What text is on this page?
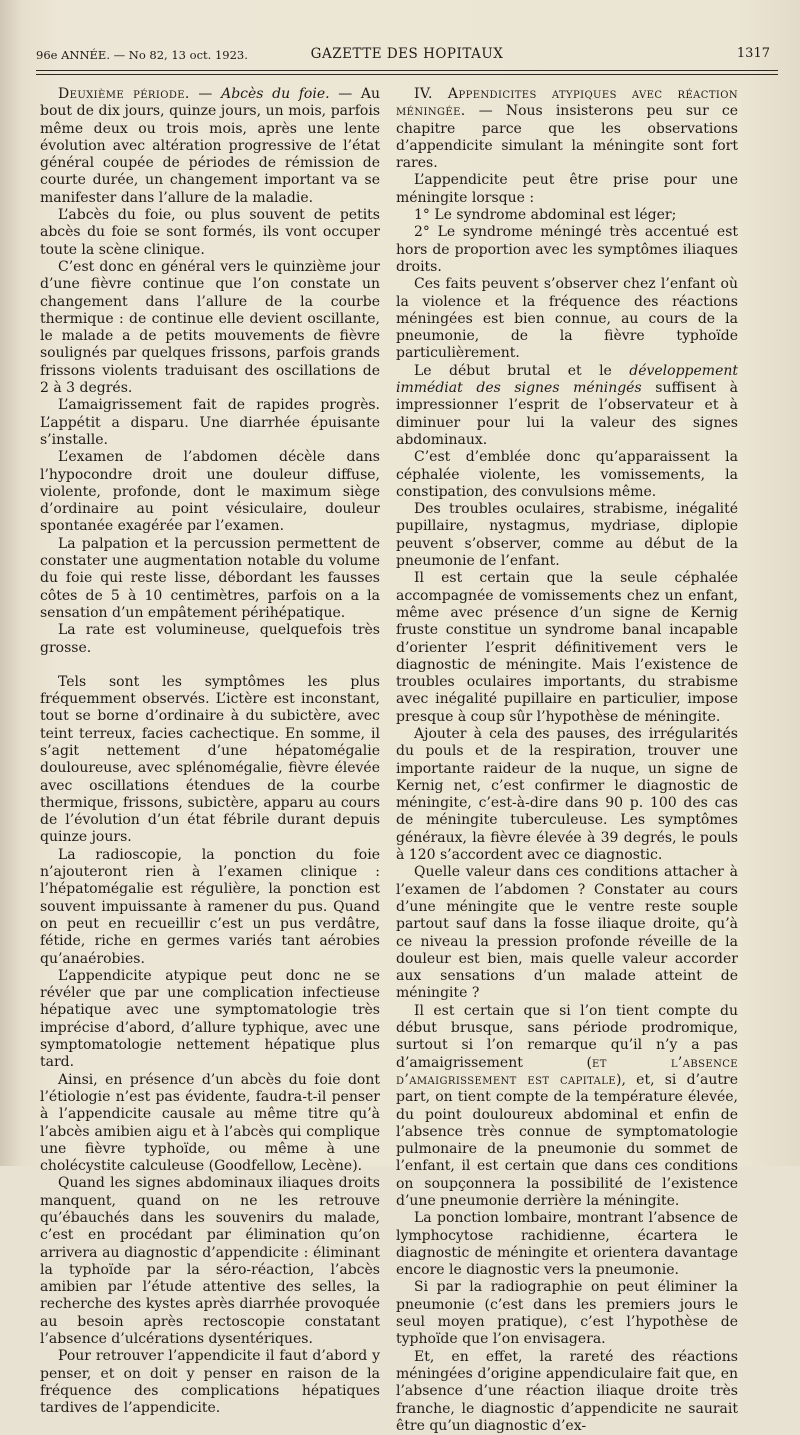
96e ANNÉE. — No 82, 13 oct. 1923.	GAZETTE DES HOPITAUX	1317

Deuxième période. — Abcès du foie. — Au bout de dix jours, quinze jours, un mois, parfois même deux ou trois mois, après une lente évolution avec altération progressive de l’état général coupée de périodes de rémission de courte durée, un changement important va se manifester dans l’allure de la maladie.

L’abcès du foie, ou plus souvent de petits abcès du foie se sont formés, ils vont occuper toute la scène clinique.

C’est donc en général vers le quinzième jour d’une fièvre continue que l’on constate un changement dans l’allure de la courbe thermique : de continue elle devient oscillante, le malade a de petits mouvements de fièvre soulignés par quelques frissons, parfois grands frissons violents traduisant des oscillations de 2 à 3 degrés.

L’amaigrissement fait de rapides progrès. L’appétit a disparu. Une diarrhée épuisante s’installe.

L’examen de l’abdomen décèle dans l’hypocondre droit une douleur diffuse, violente, profonde, dont le maximum siège d’ordinaire au point vésiculaire, douleur spontanée exagérée par l’examen.

La palpation et la percussion permettent de constater une augmentation notable du volume du foie qui reste lisse, débordant les fausses côtes de 5 à 10 centimètres, parfois on a la sensation d’un empâtement périhépatique.

La rate est volumineuse, quelquefois très grosse.

Tels sont les symptômes les plus fréquemment observés. L’ictère est inconstant, tout se borne d’ordinaire à du subictère, avec teint terreux, facies cachectique. En somme, il s’agit nettement d’une hépatomégalie douloureuse, avec splénomégalie, fièvre élevée avec oscillations étendues de la courbe thermique, frissons, subictère, apparu au cours de l’évolution d’un état fébrile durant depuis quinze jours.

La radioscopie, la ponction du foie n’ajouteront rien à l’examen clinique : l’hépatomégalie est régulière, la ponction est souvent impuissante à ramener du pus. Quand on peut en recueillir c’est un pus verdâtre, fétide, riche en germes variés tant aérobies qu’anaérobies.

L’appendicite atypique peut donc ne se révéler que par une complication infectieuse hépatique avec une symptomatologie très imprécise d’abord, d’allure typhique, avec une symptomatologie nettement hépatique plus tard.

Ainsi, en présence d’un abcès du foie dont l’étiologie n’est pas évidente, faudra-t-il penser à l’appendicite causale au même titre qu’à l’abcès amibien aigu et à l’abcès qui complique une fièvre typhoïde, ou même à une cholécystite calculeuse (Goodfellow, Lecène).

Quand les signes abdominaux iliaques droits manquent, quand on ne les retrouve qu’ébauchés dans les souvenirs du malade, c’est en procédant par élimination qu’on arrivera au diagnostic d’appendicite : éliminant la typhoïde par la séro-réaction, l’abcès amibien par l’étude attentive des selles, la recherche des kystes après diarrhée provoquée au besoin après rectoscopie constatant l’absence d’ulcérations dysentériques.

Pour retrouver l’appendicite il faut d’abord y penser, et on doit y penser en raison de la fréquence des complications hépatiques tardives de l’appendicite.

IV. Appendicites atypiques avec réaction méningée. — Nous insisterons peu sur ce chapitre parce que les observations d’appendicite simulant la méningite sont fort rares.

L’appendicite peut être prise pour une méningite lorsque :

1° Le syndrome abdominal est léger;

2° Le syndrome méningé très accentué est hors de proportion avec les symptômes iliaques droits.

Ces faits peuvent s’observer chez l’enfant où la violence et la fréquence des réactions méningées est bien connue, au cours de la pneumonie, de la fièvre typhoïde particulièrement.

Le début brutal et le développement immédiat des signes méningés suffisent à impressionner l’esprit de l’observateur et à diminuer pour lui la valeur des signes abdominaux.

C’est d’emblée donc qu’apparaissent la céphalée violente, les vomissements, la constipation, des convulsions même.

Des troubles oculaires, strabisme, inégalité pupillaire, nystagmus, mydriase, diplopie peuvent s’observer, comme au début de la pneumonie de l’enfant.

Il est certain que la seule céphalée accompagnée de vomissements chez un enfant, même avec présence d’un signe de Kernig fruste constitue un syndrome banal incapable d’orienter l’esprit définitivement vers le diagnostic de méningite. Mais l’existence de troubles oculaires importants, du strabisme avec inégalité pupillaire en particulier, impose presque à coup sûr l’hypothèse de méningite.

Ajouter à cela des pauses, des irrégularités du pouls et de la respiration, trouver une importante raideur de la nuque, un signe de Kernig net, c’est confirmer le diagnostic de méningite, c’est-à-dire dans 90 p. 100 des cas de méningite tuberculeuse. Les symptômes généraux, la fièvre élevée à 39 degrés, le pouls à 120 s’accordent avec ce diagnostic.

Quelle valeur dans ces conditions attacher à l’examen de l’abdomen ? Constater au cours d’une méningite que le ventre reste souple partout sauf dans la fosse iliaque droite, qu’à ce niveau la pression profonde réveille de la douleur est bien, mais quelle valeur accorder aux sensations d’un malade atteint de méningite ?

Il est certain que si l’on tient compte du début brusque, sans période prodromique, surtout si l’on remarque qu’il n’y a pas d’amaigrissement (et l’absence d’amaigrissement est capitale), et, si d’autre part, on tient compte de la température élevée, du point douloureux abdominal et enfin de l’absence très connue de symptomatologie pulmonaire de la pneumonie du sommet de l’enfant, il est certain que dans ces conditions on soupçonnera la possibilité de l’existence d’une pneumonie derrière la méningite.

La ponction lombaire, montrant l’absence de lymphocytose rachidienne, écartera le diagnostic de méningite et orientera davantage encore le diagnostic vers la pneumonie.

Si par la radiographie on peut éliminer la pneumonie (c’est dans les premiers jours le seul moyen pratique), c’est l’hypothèse de typhoïde que l’on envisagera.

Et, en effet, la rareté des réactions méningées d’origine appendiculaire fait que, en l’absence d’une réaction iliaque droite très franche, le diagnostic d’appendicite ne saurait être qu’un diagnostic d’ex-
